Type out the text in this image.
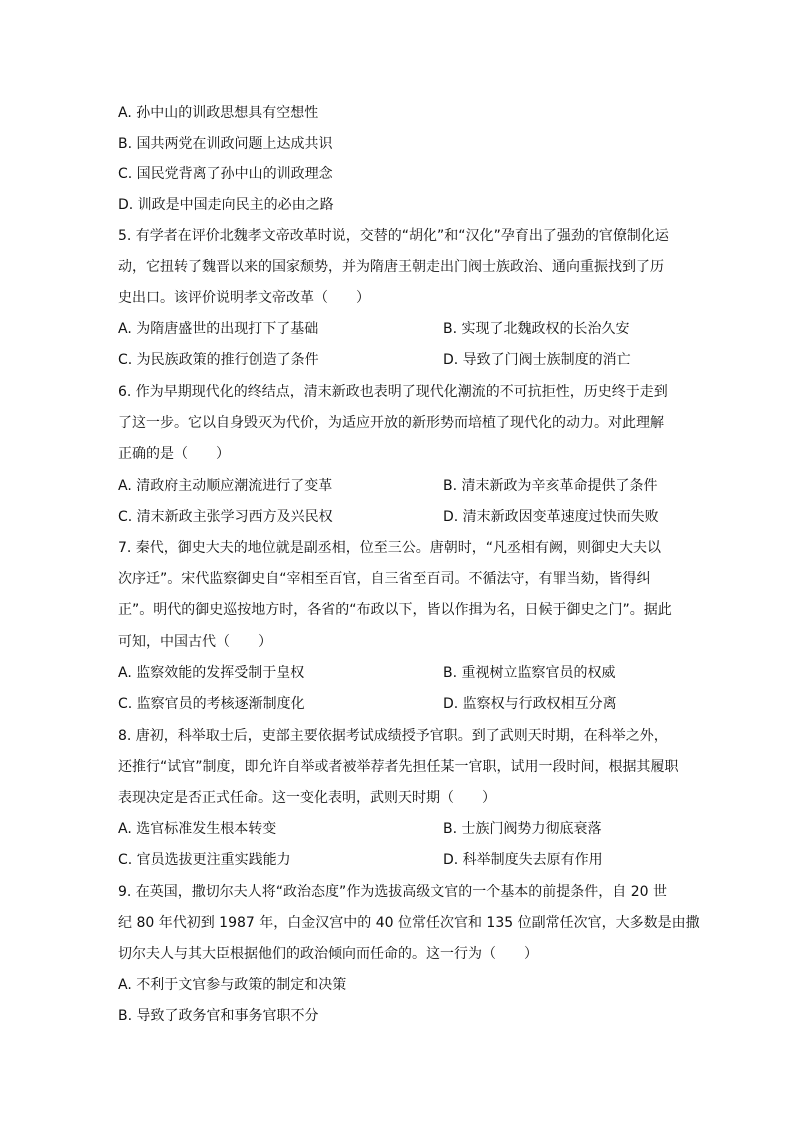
A. 孙中山的训政思想具有空想性
B. 国共两党在训政问题上达成共识
C. 国民党背离了孙中山的训政理念
D. 训政是中国走向民主的必由之路
5. 有学者在评价北魏孝文帝改革时说，交替的“胡化”和“汉化”孕育出了强劲的官僚制化运
动，它扭转了魏晋以来的国家颓势，并为隋唐王朝走出门阀士族政治、通向重振找到了历
史出口。该评价说明孝文帝改革（　　）
A. 为隋唐盛世的出现打下了基础	B. 实现了北魏政权的长治久安
C. 为民族政策的推行创造了条件	D. 导致了门阀士族制度的消亡
6. 作为早期现代化的终结点，清末新政也表明了现代化潮流的不可抗拒性，历史终于走到
了这一步。它以自身毁灭为代价，为适应开放的新形势而培植了现代化的动力。对此理解
正确的是（　　）
A. 清政府主动顺应潮流进行了变革	B. 清末新政为辛亥革命提供了条件
C. 清末新政主张学习西方及兴民权	D. 清末新政因变革速度过快而失败
7. 秦代，御史大夫的地位就是副丞相，位至三公。唐朝时，“凡丞相有阙，则御史大夫以
次序迁”。宋代监察御史自“宰相至百官，自三省至百司。不循法守，有罪当劾，皆得纠
正”。明代的御史巡按地方时，各省的“布政以下，皆以作揖为名，日候于御史之门”。据此
可知，中国古代（　　）
A. 监察效能的发挥受制于皇权	B. 重视树立监察官员的权威
C. 监察官员的考核逐渐制度化	D. 监察权与行政权相互分离
8. 唐初，科举取士后，吏部主要依据考试成绩授予官职。到了武则天时期，在科举之外，
还推行“试官”制度，即允许自举或者被举荐者先担任某一官职，试用一段时间，根据其履职
表现决定是否正式任命。这一变化表明，武则天时期（　　）
A. 选官标准发生根本转变	B. 士族门阀势力彻底衰落
C. 官员选拔更注重实践能力	D. 科举制度失去原有作用
9. 在英国，撒切尔夫人将“政治态度”作为选拔高级文官的一个基本的前提条件，自 20 世
纪 80 年代初到 1987 年，白金汉宫中的 40 位常任次官和 135 位副常任次官，大多数是由撒
切尔夫人与其大臣根据他们的政治倾向而任命的。这一行为（　　）
A. 不利于文官参与政策的制定和决策
B. 导致了政务官和事务官职不分
